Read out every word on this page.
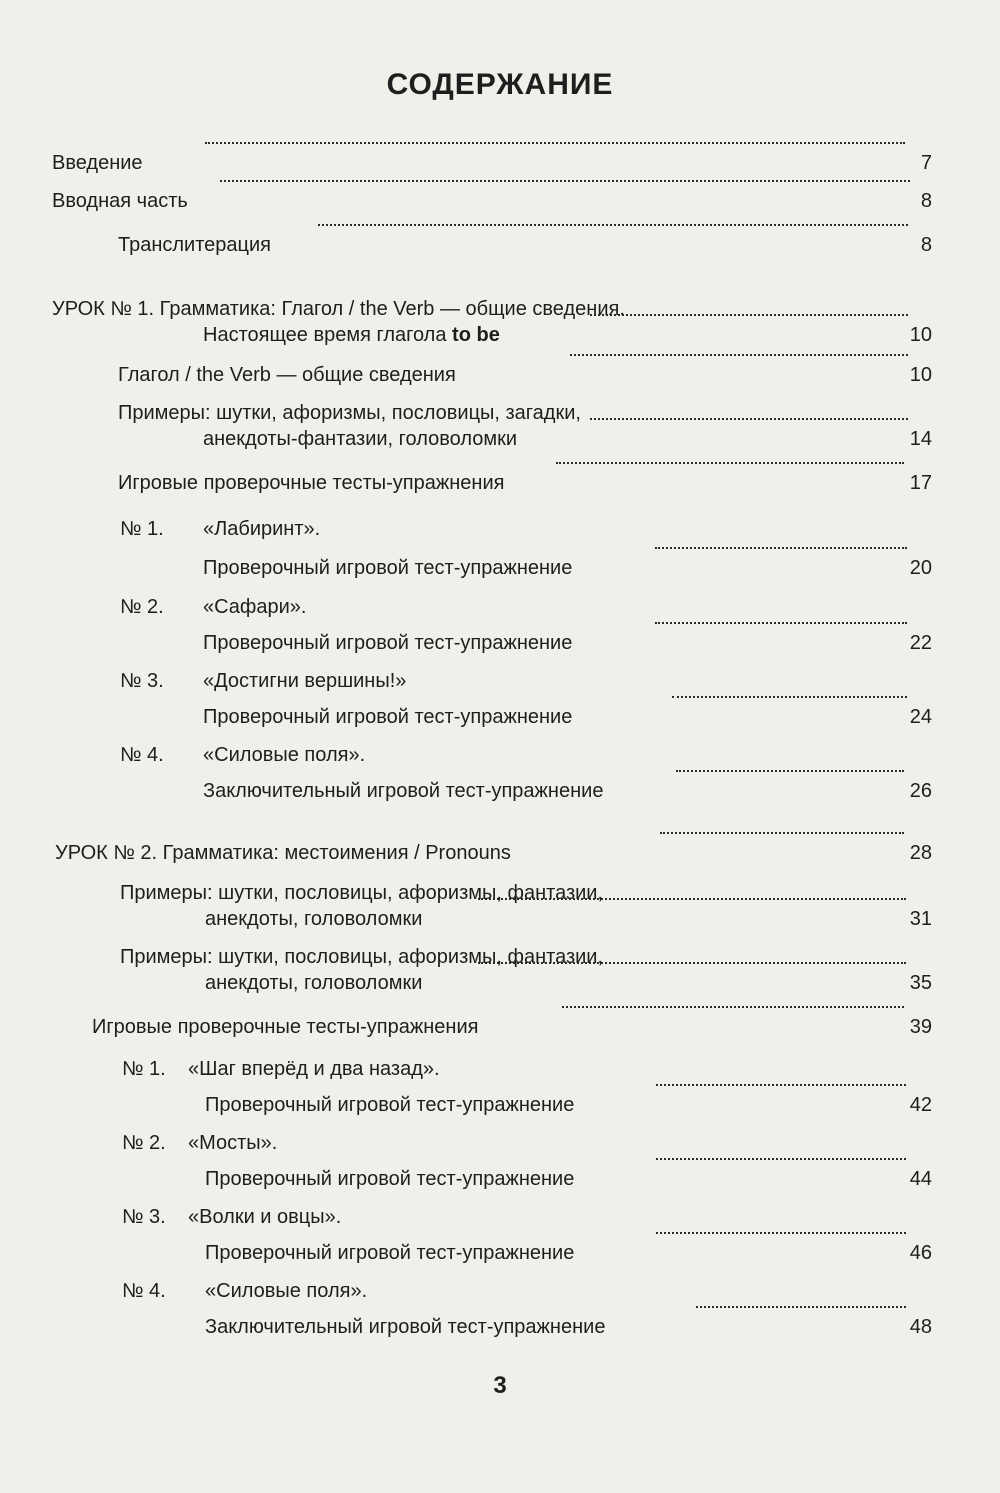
СОДЕРЖАНИЕ
Введение	7
Вводная часть	8
Транслитерация	8
УРОК № 1. Грамматика: Глагол / the Verb — общие сведения.
Настоящее время глагола to be	10
Глагол / the Verb — общие сведения	10
Примеры: шутки, афоризмы, пословицы, загадки,
анекдоты-фантазии, головоломки	14
Игровые проверочные тесты-упражнения	17
№ 1. «Лабиринт».
Проверочный игровой тест-упражнение	20
№ 2. «Сафари».
Проверочный игровой тест-упражнение	22
№ 3. «Достигни вершины!»
Проверочный игровой тест-упражнение	24
№ 4. «Силовые поля».
Заключительный игровой тест-упражнение	26
УРОК № 2. Грамматика: местоимения / Pronouns	28
Примеры: шутки, пословицы, афоризмы, фантазии,
анекдоты, головоломки	31
Примеры: шутки, пословицы, афоризмы, фантазии,
анекдоты, головоломки	35
Игровые проверочные тесты-упражнения	39
№ 1. «Шаг вперёд и два назад».
Проверочный игровой тест-упражнение	42
№ 2. «Мосты».
Проверочный игровой тест-упражнение	44
№ 3. «Волки и овцы».
Проверочный игровой тест-упражнение	46
№ 4. «Силовые поля».
Заключительный игровой тест-упражнение	48
3
